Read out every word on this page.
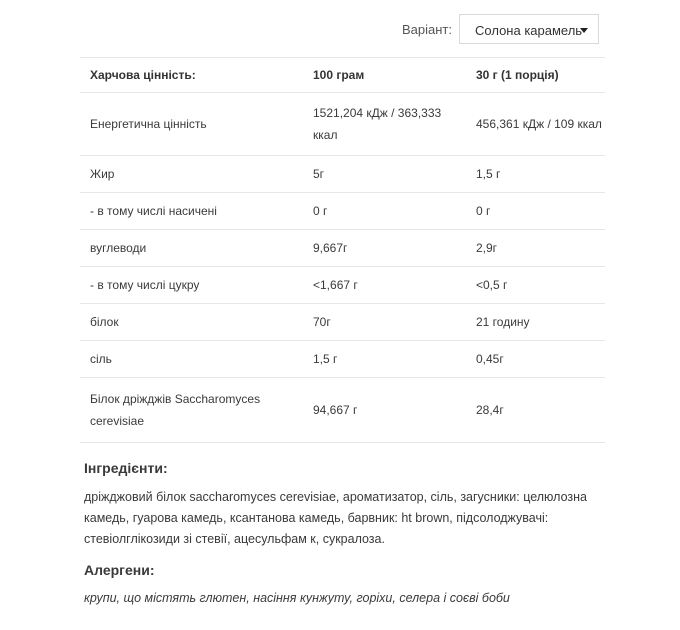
Варіант: Солона карамель
Харчова цінність:	100 грам	30 г (1 порція)
Енергетична цінність	1521,204 кДж / 363,333 ккал	456,361 кДж / 109 ккал
Жир	5г	1,5 г
- в тому числі насичені	0 г	0 г
вуглеводи	9,667г	2,9г
- в тому числі цукру	<1,667 г	<0,5 г
білок	70г	21 годину
сіль	1,5 г	0,45г
Білок дріжджів Saccharomyces cerevisiae	94,667 г	28,4г
Інгредієнти:
дріжджовий білок saccharomyces cerevisiae, ароматизатор, сіль, загусники: целюлозна камедь, гуарова камедь, ксантанова камедь, барвник: ht brown, підсолоджувачі: стевіолглікозиди зі стевії, ацесульфам к, сукралоза.
Алергени:
крупи, що містять глютен, насіння кунжуту, горіхи, селера і соєві боби
